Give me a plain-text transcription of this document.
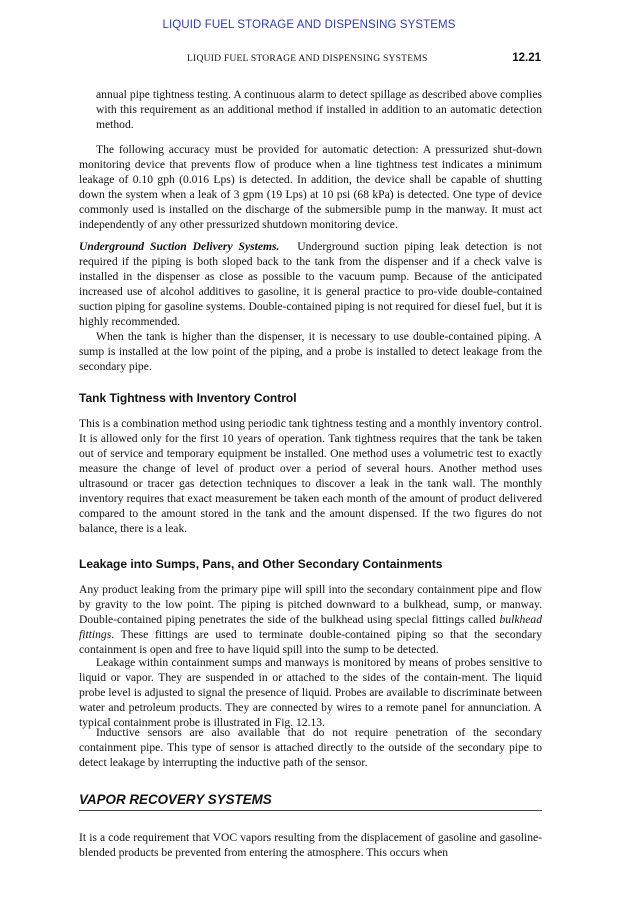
LIQUID FUEL STORAGE AND DISPENSING SYSTEMS
LIQUID FUEL STORAGE AND DISPENSING SYSTEMS	12.21

annual pipe tightness testing. A continuous alarm to detect spillage as described above complies with this requirement as an additional method if installed in addition to an automatic detection method.

The following accuracy must be provided for automatic detection: A pressurized shut-down monitoring device that prevents flow of produce when a line tightness test indicates a minimum leakage of 0.10 gph (0.016 Lps) is detected. In addition, the device shall be capable of shutting down the system when a leak of 3 gpm (19 Lps) at 10 psi (68 kPa) is detected. One type of device commonly used is installed on the discharge of the submersible pump in the manway. It must act independently of any other pressurized shutdown monitoring device.

Underground Suction Delivery Systems. Underground suction piping leak detection is not required if the piping is both sloped back to the tank from the dispenser and if a check valve is installed in the dispenser as close as possible to the vacuum pump. Because of the anticipated increased use of alcohol additives to gasoline, it is general practice to pro-vide double-contained suction piping for gasoline systems. Double-contained piping is not required for diesel fuel, but it is highly recommended.

When the tank is higher than the dispenser, it is necessary to use double-contained piping. A sump is installed at the low point of the piping, and a probe is installed to detect leakage from the secondary pipe.

Tank Tightness with Inventory Control

This is a combination method using periodic tank tightness testing and a monthly inventory control. It is allowed only for the first 10 years of operation. Tank tightness requires that the tank be taken out of service and temporary equipment be installed. One method uses a volumetric test to exactly measure the change of level of product over a period of several hours. Another method uses ultrasound or tracer gas detection techniques to discover a leak in the tank wall. The monthly inventory requires that exact measurement be taken each month of the amount of product delivered compared to the amount stored in the tank and the amount dispensed. If the two figures do not balance, there is a leak.

Leakage into Sumps, Pans, and Other Secondary Containments

Any product leaking from the primary pipe will spill into the secondary containment pipe and flow by gravity to the low point. The piping is pitched downward to a bulkhead, sump, or manway. Double-contained piping penetrates the side of the bulkhead using special fittings called bulkhead fittings. These fittings are used to terminate double-contained piping so that the secondary containment is open and free to have liquid spill into the sump to be detected.

Leakage within containment sumps and manways is monitored by means of probes sensitive to liquid or vapor. They are suspended in or attached to the sides of the contain-ment. The liquid probe level is adjusted to signal the presence of liquid. Probes are available to discriminate between water and petroleum products. They are connected by wires to a remote panel for annunciation. A typical containment probe is illustrated in Fig. 12.13.

Inductive sensors are also available that do not require penetration of the secondary containment pipe. This type of sensor is attached directly to the outside of the secondary pipe to detect leakage by interrupting the inductive path of the sensor.

VAPOR RECOVERY SYSTEMS

It is a code requirement that VOC vapors resulting from the displacement of gasoline and gasoline-blended products be prevented from entering the atmosphere. This occurs when
